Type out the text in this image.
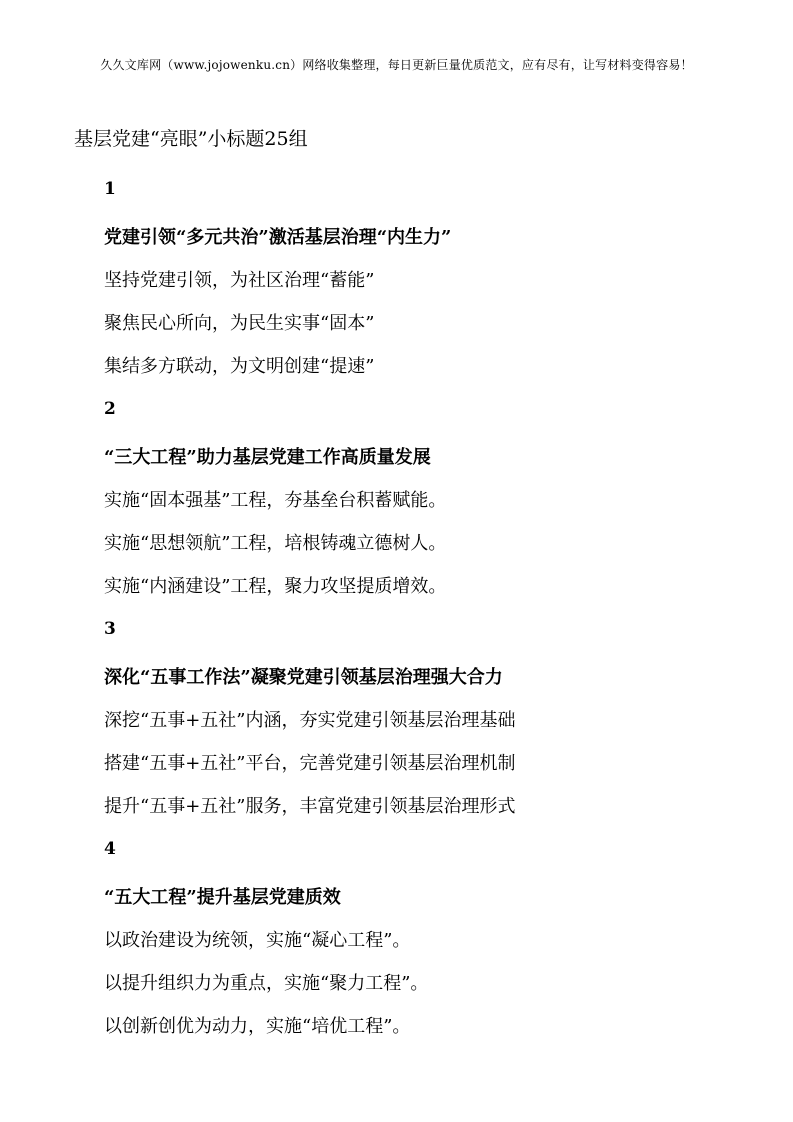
久久文库网（www.jojowenku.cn）网络收集整理，每日更新巨量优质范文，应有尽有，让写材料变得容易！
基层党建“亮眼”小标题25组
1
党建引领“多元共治”激活基层治理“内生力”
坚持党建引领，为社区治理“蓄能”
聚焦民心所向，为民生实事“固本”
集结多方联动，为文明创建“提速”
2
“三大工程”助力基层党建工作高质量发展
实施“固本强基”工程，夯基垒台积蓄赋能。
实施“思想领航”工程，培根铸魂立德树人。
实施“内涵建设”工程，聚力攻坚提质增效。
3
深化“五事工作法”凝聚党建引领基层治理强大合力
深挖“五事+五社”内涵，夯实党建引领基层治理基础
搭建“五事+五社”平台，完善党建引领基层治理机制
提升“五事+五社”服务，丰富党建引领基层治理形式
4
“五大工程”提升基层党建质效
以政治建设为统领，实施“凝心工程”。
以提升组织力为重点，实施“聚力工程”。
以创新创优为动力，实施“培优工程”。
